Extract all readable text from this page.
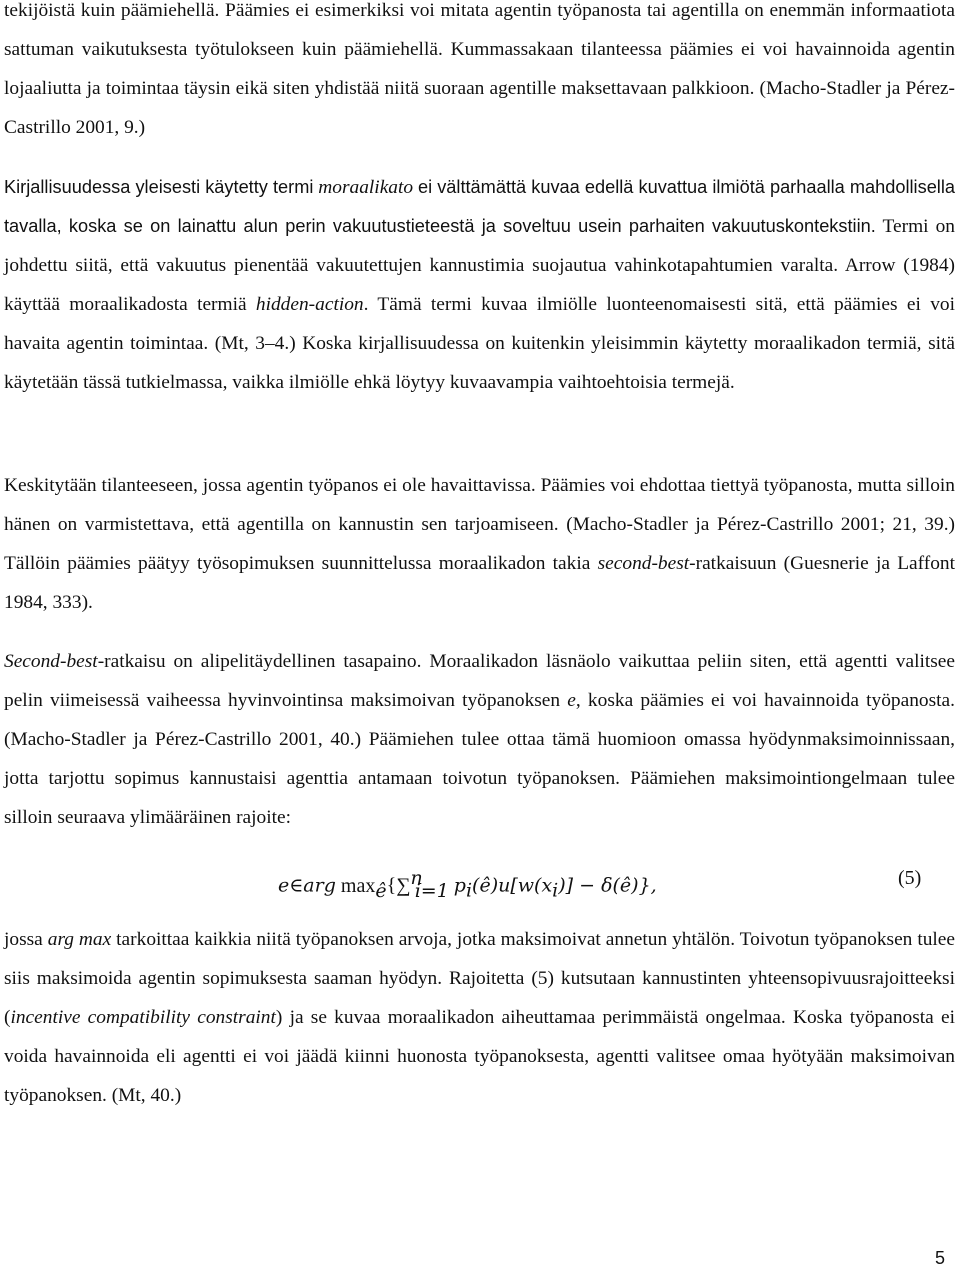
tekijöistä kuin päämiehellä. Päämies ei esimerkiksi voi mitata agentin työpanosta tai agentilla on enemmän informaatiota sattuman vaikutuksesta työtulokseen kuin päämiehellä. Kummassakaan tilanteessa päämies ei voi havainnoida agentin lojaaliutta ja toimintaa täysin eikä siten yhdistää niitä suoraan agentille maksettavaan palkkioon. (Macho-Stadler ja Pérez-Castrillo 2001, 9.)

Kirjallisuudessa yleisesti käytetty termi moraalikato ei välttämättä kuvaa edellä kuvattua ilmiötä parhaalla mahdollisella tavalla, koska se on lainattu alun perin vakuutustieteestä ja soveltuu usein parhaiten vakuutuskontekstiin. Termi on johdettu siitä, että vakuutus pienentää vakuutettujen kannustimia suojautua vahinkotapahtumien varalta. Arrow (1984) käyttää moraalikadosta termiä hidden-action. Tämä termi kuvaa ilmiölle luonteenomaisesti sitä, että päämies ei voi havaita agentin toimintaa. (Mt, 3–4.) Koska kirjallisuudessa on kuitenkin yleisimmin käytetty moraalikadon termiä, sitä käytetään tässä tutkielmassa, vaikka ilmiölle ehkä löytyy kuvaavampia vaihtoehtoisia termejä.

Keskitytään tilanteeseen, jossa agentin työpanos ei ole havaittavissa. Päämies voi ehdottaa tiettyä työpanosta, mutta silloin hänen on varmistettava, että agentilla on kannustin sen tarjoamiseen. (Macho-Stadler ja Pérez-Castrillo 2001; 21, 39.) Tällöin päämies päätyy työsopimuksen suunnittelussa moraalikadon takia second-best-ratkaisuun (Guesnerie ja Laffont 1984, 333).

Second-best-ratkaisu on alipelitäydellinen tasapaino. Moraalikadon läsnäolo vaikuttaa peliin siten, että agentti valitsee pelin viimeisessä vaiheessa hyvinvointinsa maksimoivan työpanoksen e, koska päämies ei voi havainnoida työpanosta. (Macho-Stadler ja Pérez-Castrillo 2001, 40.) Päämiehen tulee ottaa tämä huomioon omassa hyödynmaksimoinnissaan, jotta tarjottu sopimus kannustaisi agenttia antamaan toivotun työpanoksen. Päämiehen maksimointiongelmaan tulee silloin seuraava ylimääräinen rajoite:

e∈arg $\max_ê\{\sum^n_{i=1}$ $p_i(ê)u[w(x_i)]$ − δ(ê)},	(5)

jossa arg max tarkoittaa kaikkia niitä työpanoksen arvoja, jotka maksimoivat annetun yhtälön. Toivotun työpanoksen tulee siis maksimoida agentin sopimuksesta saaman hyödyn. Rajoitetta (5) kutsutaan kannustinten yhteensopivuusrajoitteeksi (incentive compatibility constraint) ja se kuvaa moraalikadon aiheuttamaa perimmäistä ongelmaa. Koska työpanosta ei voida havainnoida eli agentti ei voi jäädä kiinni huonosta työpanoksesta, agentti valitsee omaa hyötyään maksimoivan työpanoksen. (Mt, 40.)

5
